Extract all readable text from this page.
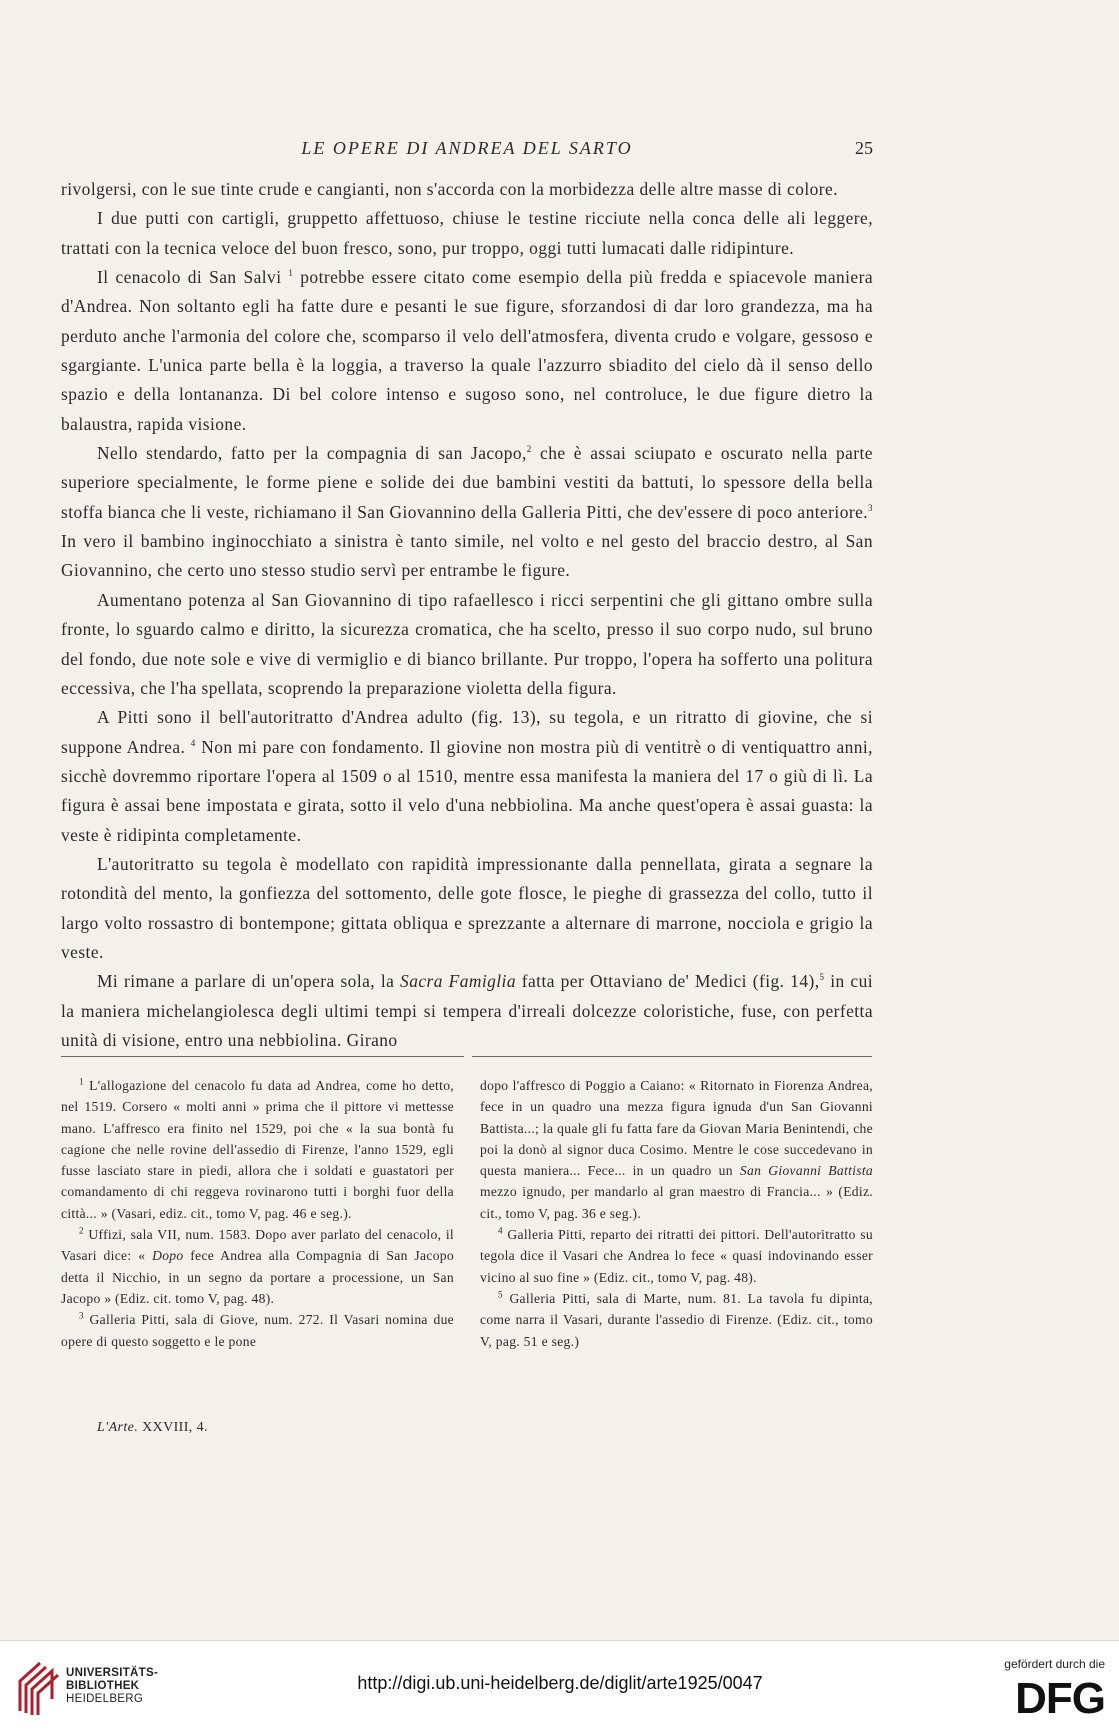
LE OPERE DI ANDREA DEL SARTO	25

rivolgersi, con le sue tinte crude e cangianti, non s'accorda con la morbidezza delle altre masse di colore.

I due putti con cartigli, gruppetto affettuoso, chiuse le testine ricciute nella conca delle ali leggere, trattati con la tecnica veloce del buon fresco, sono, pur troppo, oggi tutti lumacati dalle ridipinture.

Il cenacolo di San Salvi $^1$ potrebbe essere citato come esempio della più fredda e spiacevole maniera d'Andrea. Non soltanto egli ha fatte dure e pesanti le sue figure, sforzandosi di dar loro grandezza, ma ha perduto anche l'armonia del colore che, scomparso il velo dell'atmosfera, diventa crudo e volgare, gessoso e sgargiante. L'unica parte bella è la loggia, a traverso la quale l'azzurro sbiadito del cielo dà il senso dello spazio e della lontananza. Di bel colore intenso e sugoso sono, nel controluce, le due figure dietro la balaustra, rapida visione.

Nello stendardo, fatto per la compagnia di san Jacopo,$^2$ che è assai sciupato e oscurato nella parte superiore specialmente, le forme piene e solide dei due bambini vestiti da battuti, lo spessore della bella stoffa bianca che li veste, richiamano il San Giovannino della Galleria Pitti, che dev'essere di poco anteriore.$^3$ In vero il bambino inginocchiato a sinistra è tanto simile, nel volto e nel gesto del braccio destro, al San Giovannino, che certo uno stesso studio servì per entrambe le figure.

Aumentano potenza al San Giovannino di tipo rafaellesco i ricci serpentini che gli gittano ombre sulla fronte, lo sguardo calmo e diritto, la sicurezza cromatica, che ha scelto, presso il suo corpo nudo, sul bruno del fondo, due note sole e vive di vermiglio e di bianco brillante. Pur troppo, l'opera ha sofferto una politura eccessiva, che l'ha spellata, scoprendo la preparazione violetta della figura.

A Pitti sono il bell'autoritratto d'Andrea adulto (fig. 13), su tegola, e un ritratto di giovine, che si suppone Andrea. $^4$ Non mi pare con fondamento. Il giovine non mostra più di ventitrè o di ventiquattro anni, sicchè dovremmo riportare l'opera al 1509 o al 1510, mentre essa manifesta la maniera del 17 o giù di lì. La figura è assai bene impostata e girata, sotto il velo d'una nebbiolina. Ma anche quest'opera è assai guasta: la veste è ridipinta completamente.

L'autoritratto su tegola è modellato con rapidità impressionante dalla pennellata, girata a segnare la rotondità del mento, la gonfiezza del sottomento, delle gote flosce, le pieghe di grassezza del collo, tutto il largo volto rossastro di bontempone; gittata obliqua e sprezzante a alternare di marrone, nocciola e grigio la veste.

Mi rimane a parlare di un'opera sola, la Sacra Famiglia fatta per Ottaviano de' Medici (fig. 14),$^5$ in cui la maniera michelangiolesca degli ultimi tempi si tempera d'irreali dolcezze coloristiche, fuse, con perfetta unità di visione, entro una nebbiolina. Girano

$^1$ L'allogazione del cenacolo fu data ad Andrea, come ho detto, nel 1519. Corsero « molti anni » prima che il pittore vi mettesse mano. L'affresco era finito nel 1529, poi che « la sua bontà fu cagione che nelle rovine dell'assedio di Firenze, l'anno 1529, egli fusse lasciato stare in piedi, allora che i soldati e guastatori per comandamento di chi reggeva rovinarono tutti i borghi fuor della città... » (Vasari, ediz. cit., tomo V, pag. 46 e seg.).

$^2$ Uffizi, sala VII, num. 1583. Dopo aver parlato del cenacolo, il Vasari dice: « Dopo fece Andrea alla Compagnia di San Jacopo detta il Nicchio, in un segno da portare a processione, un San Jacopo » (Ediz. cit. tomo V, pag. 48).

$^3$ Galleria Pitti, sala di Giove, num. 272. Il Vasari nomina due opere di questo soggetto e le pone

dopo l'affresco di Poggio a Caiano: « Ritornato in Fiorenza Andrea, fece in un quadro una mezza figura ignuda d'un San Giovanni Battista...; la quale gli fu fatta fare da Giovan Maria Benintendi, che poi la donò al signor duca Cosimo. Mentre le cose succedevano in questa maniera... Fece... in un quadro un San Giovanni Battista mezzo ignudo, per mandarlo al gran maestro di Francia... » (Ediz. cit., tomo V, pag. 36 e seg.).

$^4$ Galleria Pitti, reparto dei ritratti dei pittori. Dell'autoritratto su tegola dice il Vasari che Andrea lo fece « quasi indovinando esser vicino al suo fine » (Ediz. cit., tomo V, pag. 48).

$^5$ Galleria Pitti, sala di Marte, num. 81. La tavola fu dipinta, come narra il Vasari, durante l'assedio di Firenze. (Ediz. cit., tomo V, pag. 51 e seg.)

L'Arte. XXVIII, 4.
UNIVERSITÄTS-
BIBLIOTHEK
HEIDELBERG
http://digi.ub.uni-heidelberg.de/diglit/arte1925/0047
gefördert durch die
DFG
